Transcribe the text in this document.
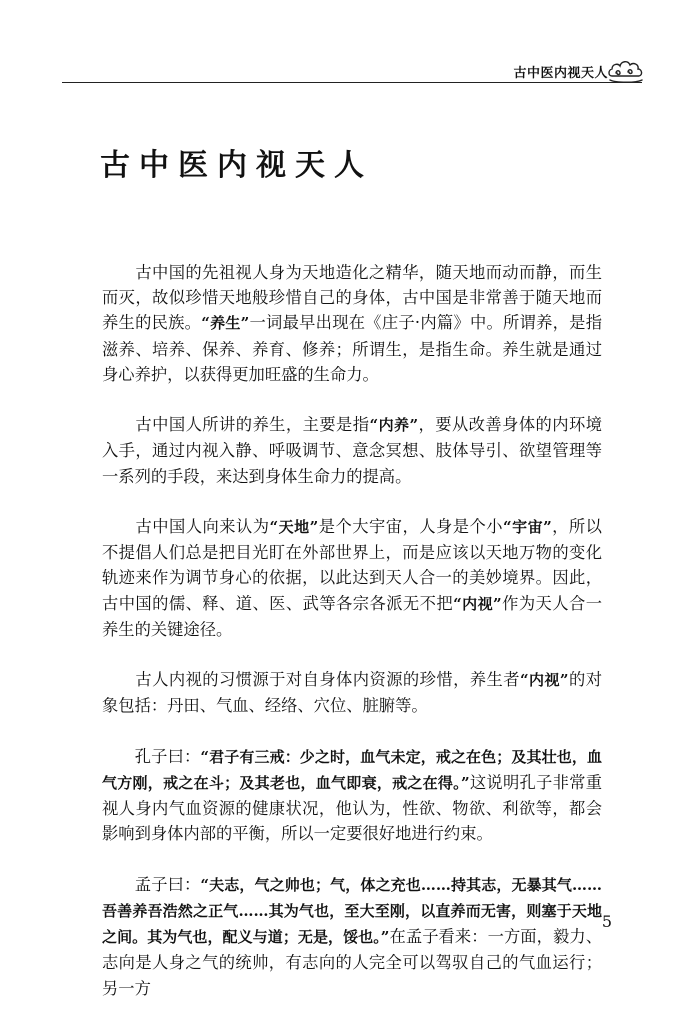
古中医内视天人
古中医内视天人

　　古中国的先祖视人身为天地造化之精华，随天地而动而静，而生而灭，故似珍惜天地般珍惜自己的身体，古中国是非常善于随天地而养生的民族。“养生”一词最早出现在《庄子·内篇》中。所谓养，是指滋养、培养、保养、养育、修养；所谓生，是指生命。养生就是通过身心养护，以获得更加旺盛的生命力。

　　古中国人所讲的养生，主要是指“内养”，要从改善身体的内环境入手，通过内视入静、呼吸调节、意念冥想、肢体导引、欲望管理等一系列的手段，来达到身体生命力的提高。

　　古中国人向来认为“天地”是个大宇宙，人身是个小“宇宙”，所以不提倡人们总是把目光盯在外部世界上，而是应该以天地万物的变化轨迹来作为调节身心的依据，以此达到天人合一的美妙境界。因此，古中国的儒、释、道、医、武等各宗各派无不把“内视”作为天人合一养生的关键途径。

　　古人内视的习惯源于对自身体内资源的珍惜，养生者“内视”的对象包括：丹田、气血、经络、穴位、脏腑等。

　　孔子曰：“君子有三戒：少之时，血气未定，戒之在色；及其壮也，血气方刚，戒之在斗；及其老也，血气即衰，戒之在得。”这说明孔子非常重视人身内气血资源的健康状况，他认为，性欲、物欲、利欲等，都会影响到身体内部的平衡，所以一定要很好地进行约束。

　　孟子曰：“夫志，气之帅也；气，体之充也……持其志，无暴其气……吾善养吾浩然之正气……其为气也，至大至刚，以直养而无害，则塞于天地之间。其为气也，配义与道；无是，馁也。”在孟子看来：一方面，毅力、志向是人身之气的统帅，有志向的人完全可以驾驭自己的气血运行；另一方

5
